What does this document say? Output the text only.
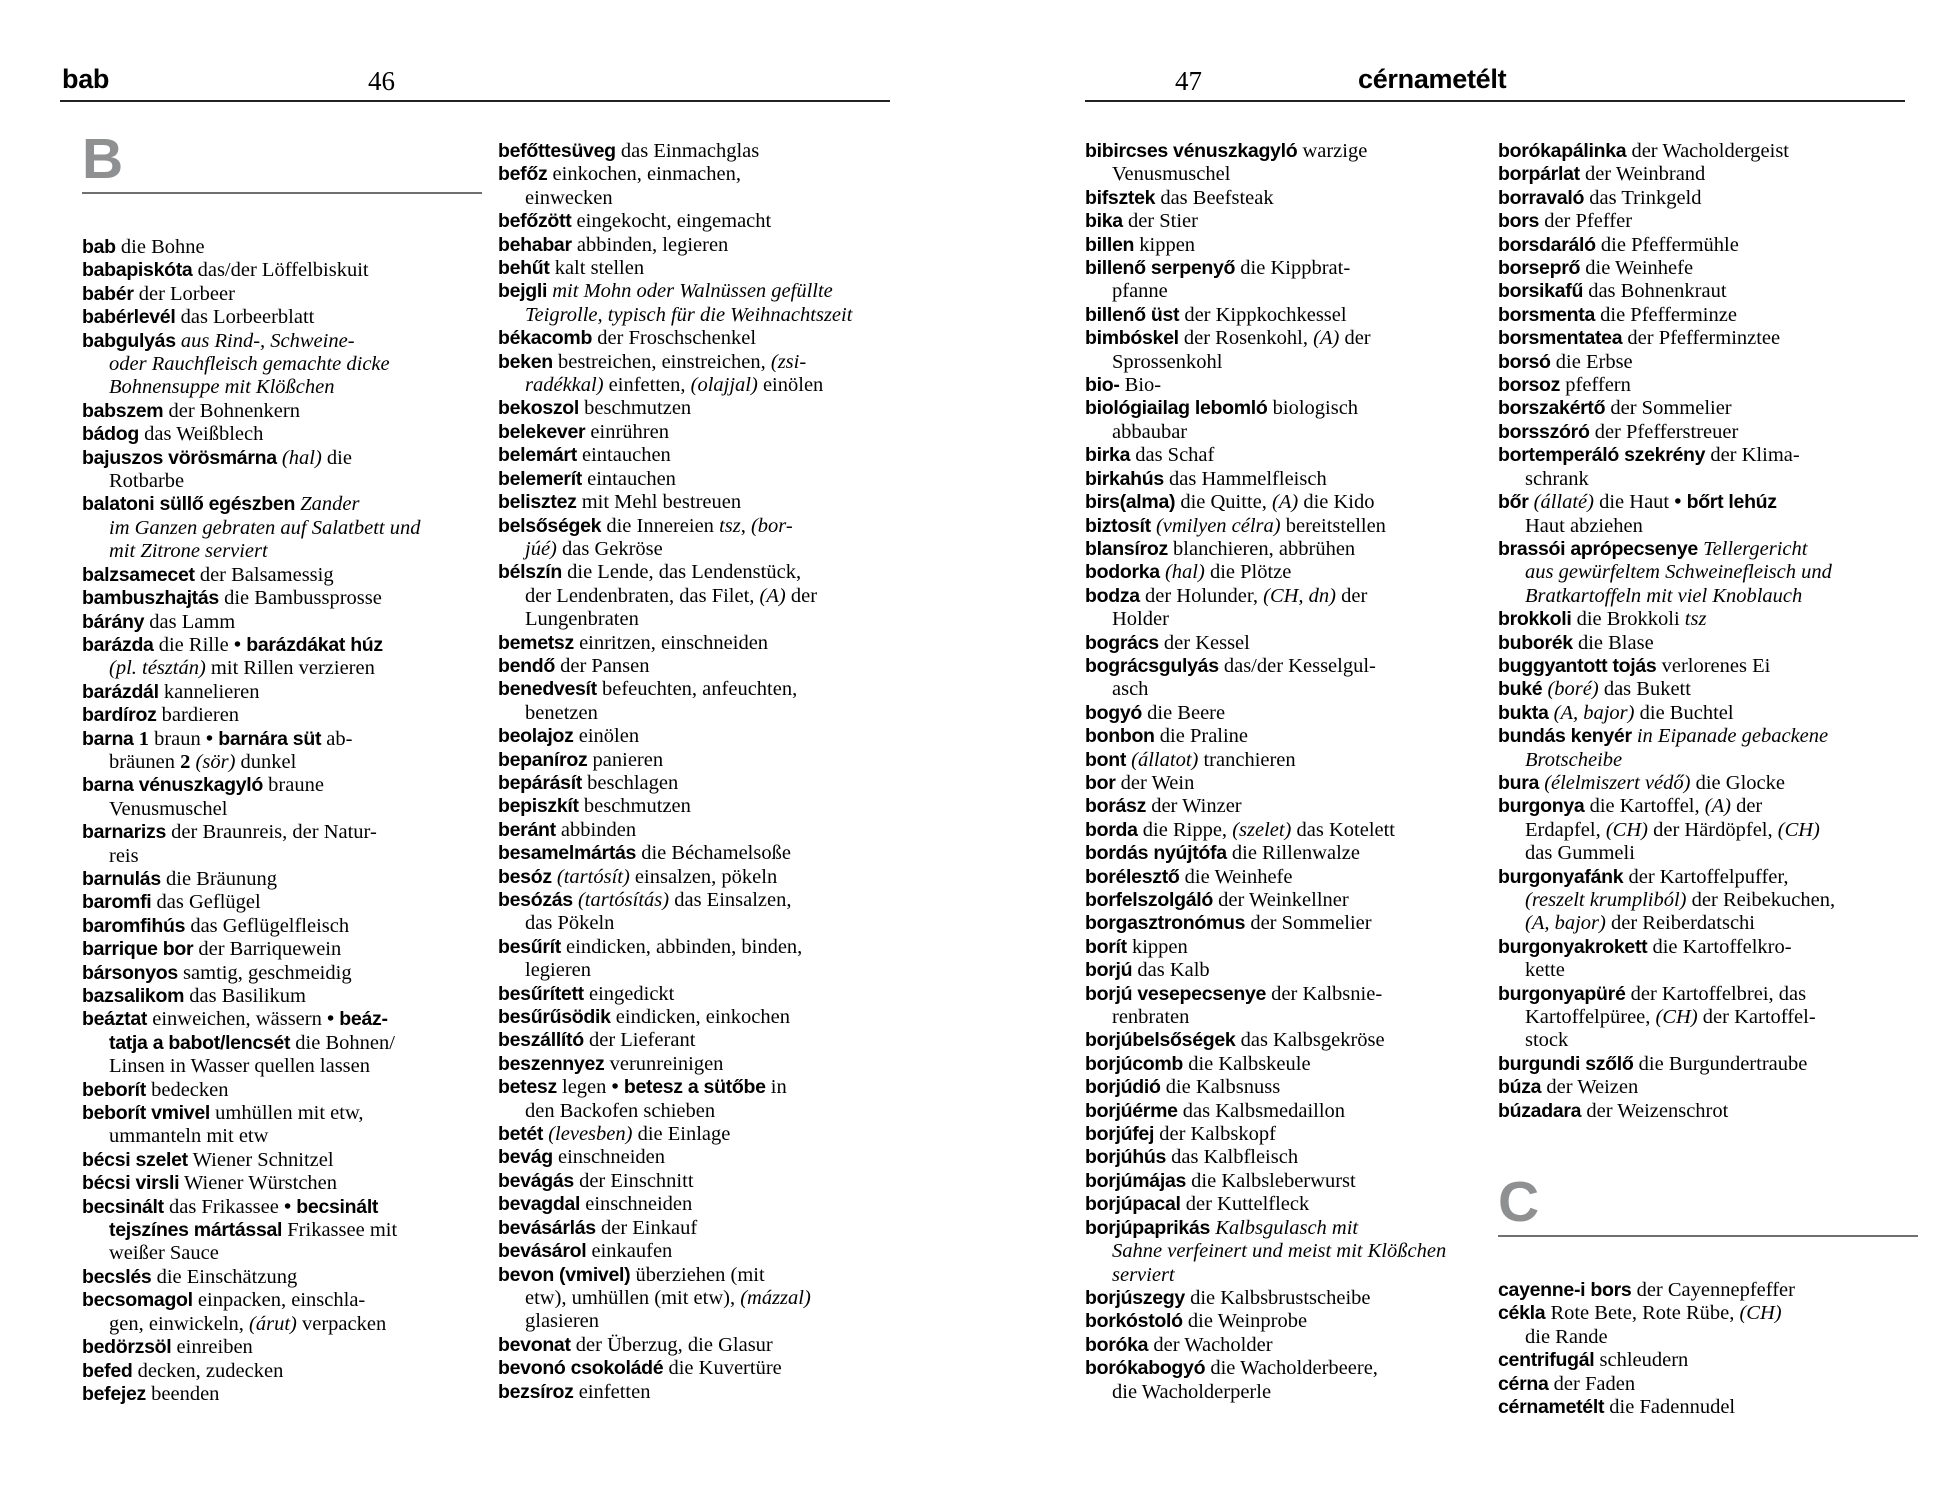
bab	46	47	cérnametélt
B
bab die Bohne
babapiskóta das/der Löffelbiskuit
babér der Lorbeer
babérlevél das Lorbeerblatt
babgulyás aus Rind-, Schweine-
oder Rauchfleisch gemachte dicke
Bohnensuppe mit Klößchen
babszem der Bohnenkern
bádog das Weißblech
bajuszos vörösmárna (hal) die
Rotbarbe
balatoni süllő egészben Zander
im Ganzen gebraten auf Salatbett und
mit Zitrone serviert
balzsamecet der Balsamessig
bambuszhajtás die Bambussprosse
bárány das Lamm
barázda die Rille • barázdákat húz
(pl. tésztán) mit Rillen verzieren
barázdál kannelieren
bardíroz bardieren
barna 1 braun • barnára süt ab-
bräunen 2 (sör) dunkel
barna vénuszkagyló braune
Venusmuschel
barnarizs der Braunreis, der Natur-
reis
barnulás die Bräunung
baromfi das Geflügel
baromfihús das Geflügelfleisch
barrique bor der Barriquewein
bársonyos samtig, geschmeidig
bazsalikom das Basilikum
beáztat einweichen, wässern • beáz-
tatja a babot/lencsét die Bohnen/
Linsen in Wasser quellen lassen
beborít bedecken
beborít vmivel umhüllen mit etw,
ummanteln mit etw
bécsi szelet Wiener Schnitzel
bécsi virsli Wiener Würstchen
becsinált das Frikassee • becsinált
tejszínes mártással Frikassee mit
weißer Sauce
becslés die Einschätzung
becsomagol einpacken, einschla-
gen, einwickeln, (árut) verpacken
bedörzsöl einreiben
befed decken, zudecken
befejez beenden
befőttesüveg das Einmachglas
befőz einkochen, einmachen,
einwecken
befőzött eingekocht, eingemacht
behabar abbinden, legieren
behűt kalt stellen
bejgli mit Mohn oder Walnüssen gefüllte
Teigrolle, typisch für die Weihnachtszeit
békacomb der Froschschenkel
beken bestreichen, einstreichen, (zsi-
radékkal) einfetten, (olajjal) einölen
bekoszol beschmutzen
belekever einrühren
belemárt eintauchen
belemerít eintauchen
belisztez mit Mehl bestreuen
belsőségek die Innereien tsz, (bor-
júé) das Gekröse
bélszín die Lende, das Lendenstück,
der Lendenbraten, das Filet, (A) der
Lungenbraten
bemetsz einritzen, einschneiden
bendő der Pansen
benedvesít befeuchten, anfeuchten,
benetzen
beolajoz einölen
bepaníroz panieren
bepárásít beschlagen
bepiszkít beschmutzen
beránt abbinden
besamelmártás die Béchamelsoße
besóz (tartósít) einsalzen, pökeln
besózás (tartósítás) das Einsalzen,
das Pökeln
besűrít eindicken, abbinden, binden,
legieren
besűrített eingedickt
besűrűsödik eindicken, einkochen
beszállító der Lieferant
beszennyez verunreinigen
betesz legen • betesz a sütőbe in
den Backofen schieben
betét (levesben) die Einlage
bevág einschneiden
bevágás der Einschnitt
bevagdal einschneiden
bevásárlás der Einkauf
bevásárol einkaufen
bevon (vmivel) überziehen (mit
etw), umhüllen (mit etw), (mázzal)
glasieren
bevonat der Überzug, die Glasur
bevonó csokoládé die Kuvertüre
bezsíroz einfetten
bibircses vénuszkagyló warzige
Venusmuschel
bifsztek das Beefsteak
bika der Stier
billen kippen
billenő serpenyő die Kippbrat-
pfanne
billenő üst der Kippkochkessel
bimbóskel der Rosenkohl, (A) der
Sprossenkohl
bio- Bio-
biológiailag lebomló biologisch
abbaubar
birka das Schaf
birkahús das Hammelfleisch
birs(alma) die Quitte, (A) die Kido
biztosít (vmilyen célra) bereitstellen
blansíroz blanchieren, abbrühen
bodorka (hal) die Plötze
bodza der Holunder, (CH, dn) der
Holder
bogrács der Kessel
bográcsgulyás das/der Kesselgul-
asch
bogyó die Beere
bonbon die Praline
bont (állatot) tranchieren
bor der Wein
borász der Winzer
borda die Rippe, (szelet) das Kotelett
bordás nyújtófa die Rillenwalze
borélesztő die Weinhefe
borfelszolgáló der Weinkellner
borgasztronómus der Sommelier
borít kippen
borjú das Kalb
borjú vesepecsenye der Kalbsnie-
renbraten
borjúbelsőségek das Kalbsgekröse
borjúcomb die Kalbskeule
borjúdió die Kalbsnuss
borjúérme das Kalbsmedaillon
borjúfej der Kalbskopf
borjúhús das Kalbfleisch
borjúmájas die Kalbsleberwurst
borjúpacal der Kuttelfleck
borjúpaprikás Kalbsgulasch mit
Sahne verfeinert und meist mit Klößchen
serviert
borjúszegy die Kalbsbrustscheibe
borkóstoló die Weinprobe
boróka der Wacholder
borókabogyó die Wacholderbeere,
die Wacholderperle
borókapálinka der Wacholdergeist
borpárlat der Weinbrand
borravaló das Trinkgeld
bors der Pfeffer
borsdaráló die Pfeffermühle
borseprő die Weinhefe
borsikafű das Bohnenkraut
borsmenta die Pfefferminze
borsmentatea der Pfefferminztee
borsó die Erbse
borsoz pfeffern
borszakértő der Sommelier
borsszóró der Pfefferstreuer
bortemperáló szekrény der Klima-
schrank
bőr (állaté) die Haut • bőrt lehúz
Haut abziehen
brassói aprópecsenye Tellergericht
aus gewürfeltem Schweinefleisch und
Bratkartoffeln mit viel Knoblauch
brokkoli die Brokkoli tsz
buborék die Blase
buggyantott tojás verlorenes Ei
buké (boré) das Bukett
bukta (A, bajor) die Buchtel
bundás kenyér in Eipanade gebackene
Brotscheibe
bura (élelmiszert védő) die Glocke
burgonya die Kartoffel, (A) der
Erdapfel, (CH) der Härdöpfel, (CH)
das Gummeli
burgonyafánk der Kartoffelpuffer,
(reszelt krumpliból) der Reibekuchen,
(A, bajor) der Reiberdatschi
burgonyakrokett die Kartoffelkro-
kette
burgonyapüré der Kartoffelbrei, das
Kartoffelpüree, (CH) der Kartoffel-
stock
burgundi szőlő die Burgundertraube
búza der Weizen
búzadara der Weizenschrot
C
cayenne-i bors der Cayennepfeffer
cékla Rote Bete, Rote Rübe, (CH)
die Rande
centrifugál schleudern
cérna der Faden
cérnametélt die Fadennudel
